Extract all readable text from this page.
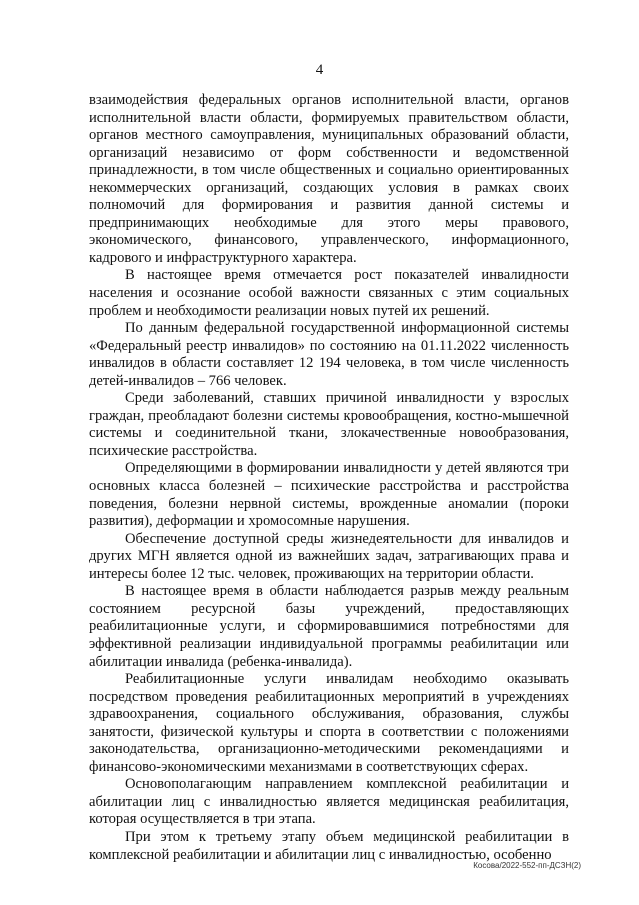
4

взаимодействия федеральных органов исполнительной власти, органов исполнительной власти области, формируемых правительством области, органов местного самоуправления, муниципальных образований области, организаций независимо от форм собственности и ведомственной принадлежности, в том числе общественных и социально ориентированных некоммерческих организаций, создающих условия в рамках своих полномочий для формирования и развития данной системы и предпринимающих необходимые для этого меры правового, экономического, финансового, управленческого, информационного, кадрового и инфраструктурного характера.

В настоящее время отмечается рост показателей инвалидности населения и осознание особой важности связанных с этим социальных проблем и необходимости реализации новых путей их решений.

По данным федеральной государственной информационной системы «Федеральный реестр инвалидов» по состоянию на 01.11.2022 численность инвалидов в области составляет 12 194 человека, в том числе численность детей-инвалидов – 766 человек.

Среди заболеваний, ставших причиной инвалидности у взрослых граждан, преобладают болезни системы кровообращения, костно-мышечной системы и соединительной ткани, злокачественные новообразования, психические расстройства.

Определяющими в формировании инвалидности у детей являются три основных класса болезней – психические расстройства и расстройства поведения, болезни нервной системы, врожденные аномалии (пороки развития), деформации и хромосомные нарушения.

Обеспечение доступной среды жизнедеятельности для инвалидов и других МГН является одной из важнейших задач, затрагивающих права и интересы более 12 тыс. человек, проживающих на территории области.

В настоящее время в области наблюдается разрыв между реальным состоянием ресурсной базы учреждений, предоставляющих реабилитационные услуги, и сформировавшимися потребностями для эффективной реализации индивидуальной программы реабилитации или абилитации инвалида (ребенка-инвалида).

Реабилитационные услуги инвалидам необходимо оказывать посредством проведения реабилитационных мероприятий в учреждениях здравоохранения, социального обслуживания, образования, службы занятости, физической культуры и спорта в соответствии с положениями законодательства, организационно-методическими рекомендациями и финансово-экономическими механизмами в соответствующих сферах.

Основополагающим направлением комплексной реабилитации и абилитации лиц с инвалидностью является медицинская реабилитация, которая осуществляется в три этапа.

При этом к третьему этапу объем медицинской реабилитации в комплексной реабилитации и абилитации лиц с инвалидностью, особенно

Косова/2022-552-пп-ДСЗН(2)
